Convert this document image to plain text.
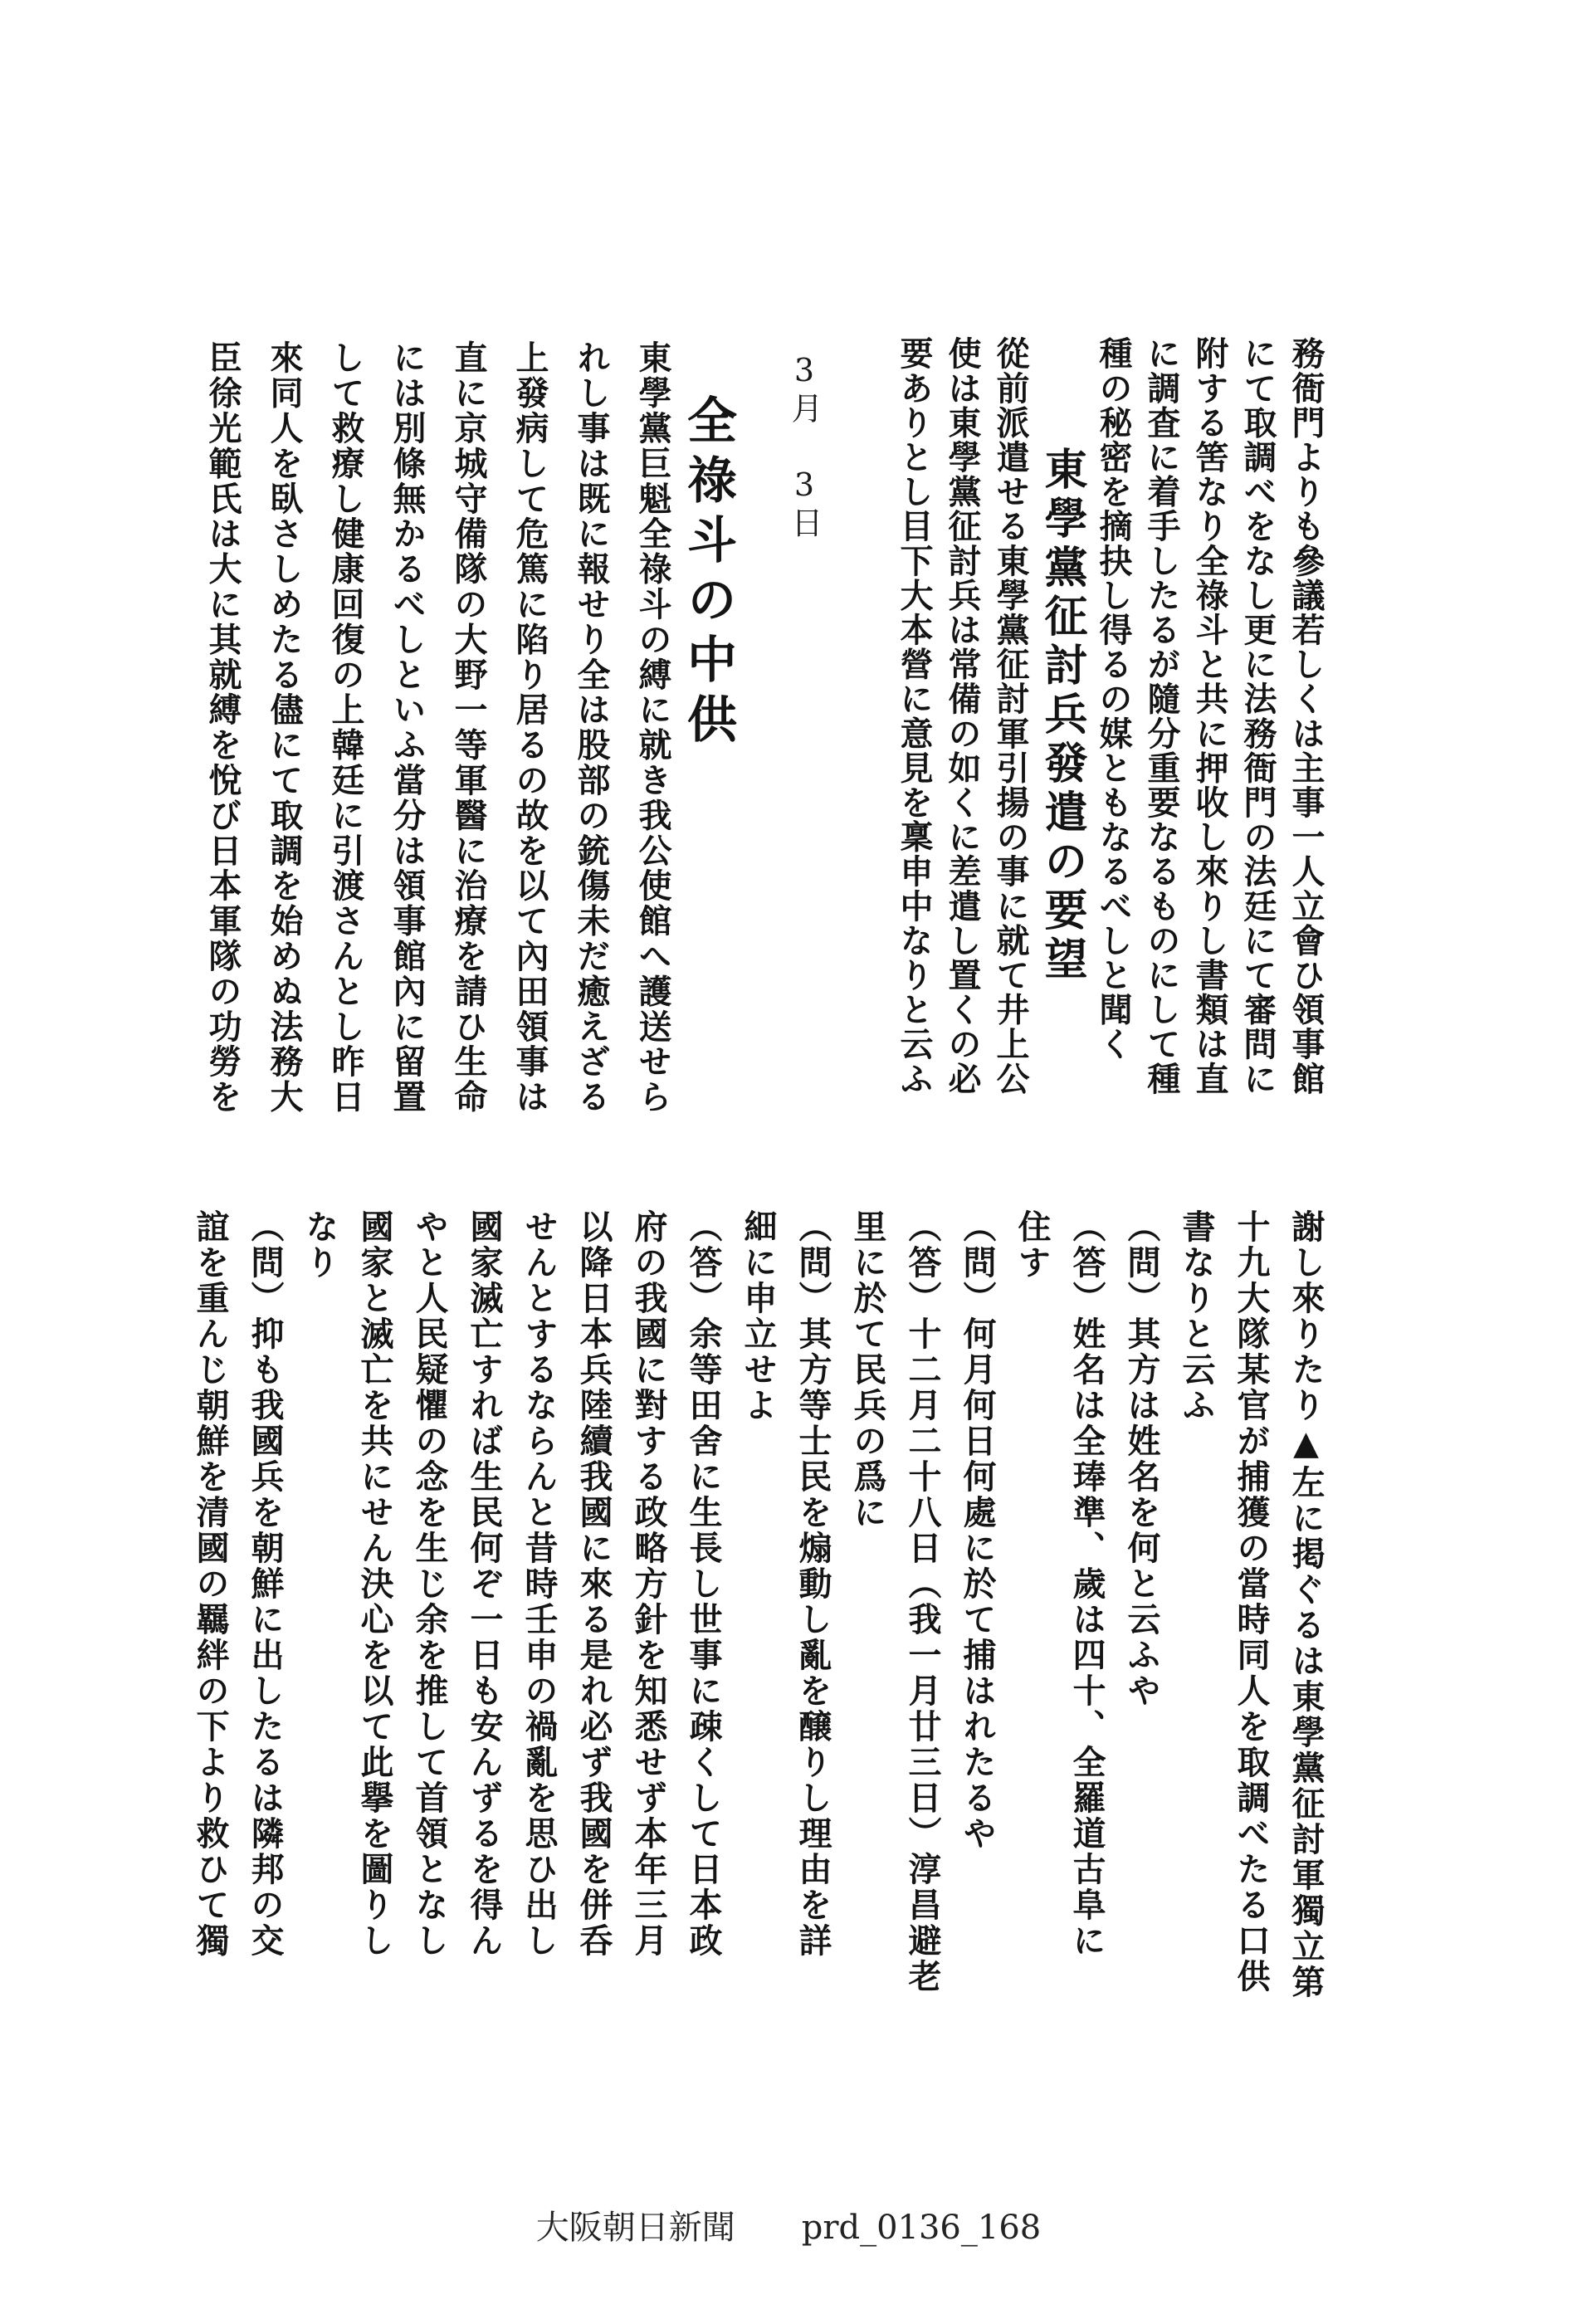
務衙門よりも參議若しくは主事一人立會ひ領事館
にて取調べをなし更に法務衙門の法廷にて審問に
附する筈なり全祿斗と共に押收し來りし書類は直
に調査に着手したるが隨分重要なるものにして種
種の秘密を摘抉し得るの媒ともなるべしと聞く
東學黨征討兵發遣の要望
從前派遣せる東學黨征討軍引揚の事に就て井上公
使は東學黨征討兵は常備の如くに差遣し置くの必
要ありとし目下大本營に意見を稟申中なりと云ふ
3月 3日
全祿斗の中供
東學黨巨魁全祿斗の縛に就き我公使館へ護送せら
れし事は既に報せり全は股部の銃傷未だ癒えざる
上發病して危篤に陷り居るの故を以て內田領事は
直に京城守備隊の大野一等軍醫に治療を請ひ生命
には別條無かるべしといふ當分は領事館內に留置
して救療し健康回復の上韓廷に引渡さんとし昨日
來同人を臥さしめたる儘にて取調を始めぬ法務大
臣徐光範氏は大に其就縛を悅び日本軍隊の功勞を
謝し來りたり▲左に掲ぐるは東學黨征討軍獨立第
十九大隊某官が捕獲の當時同人を取調べたる口供
書なりと云ふ
（問）其方は姓名を何と云ふや
（答）姓名は全琫準、歲は四十、全羅道古阜に
住す
（問）何月何日何處に於て捕はれたるや
（答）十二月二十八日（我一月廿三日）淳昌避老
里に於て民兵の爲に
（問）其方等士民を煽動し亂を醸りし理由を詳
細に申立せよ
（答）余等田舍に生長し世事に疎くして日本政
府の我國に對する政略方針を知悉せず本年三月
以降日本兵陸續我國に來る是れ必ず我國を併呑
せんとするならんと昔時壬申の禍亂を思ひ出し
國家滅亡すれば生民何ぞ一日も安んずるを得ん
やと人民疑懼の念を生じ余を推して首領となし
國家と滅亡を共にせん決心を以て此擧を圖りし
なり
（問）抑も我國兵を朝鮮に出したるは隣邦の交
誼を重んじ朝鮮を清國の羈絆の下より救ひて獨
大阪朝日新聞 prd_0136_168
